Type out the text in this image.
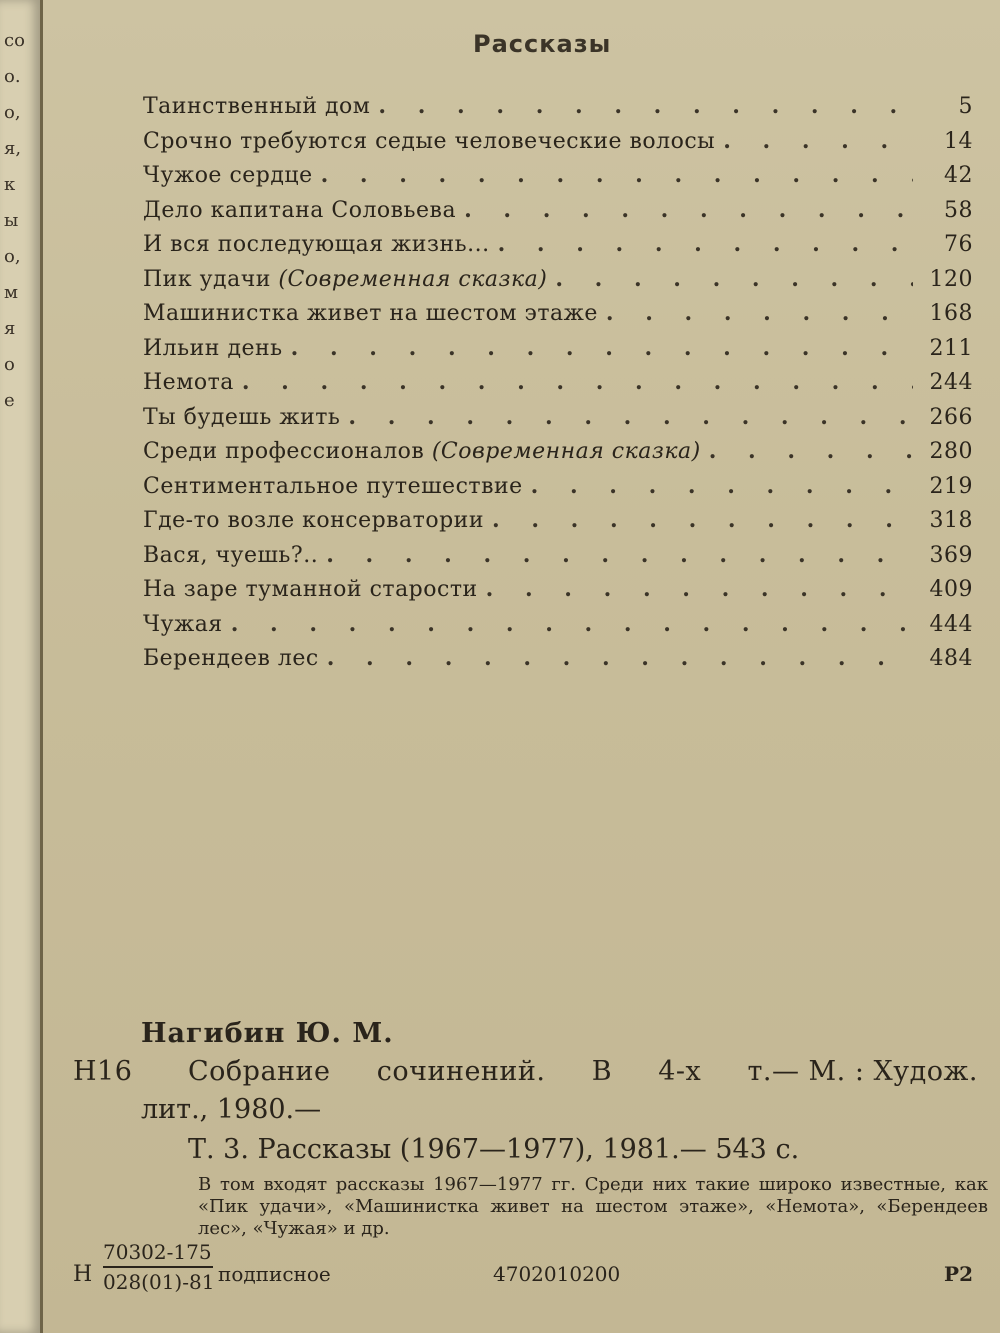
со
о.
о,
я,
к
ы
о,
м
я
о
е
Рассказы
Таинственный дом . . .	5
Срочно требуются седые человеческие волосы . . .	14
Чужое сердце . . .	42
Дело капитана Соловьева . . .	58
И вся последующая жизнь... . . .	76
Пик удачи (Современная сказка) . . .	120
Машинистка живет на шестом этаже . . .	168
Ильин день . . .	211
Немота . . .	244
Ты будешь жить . . .	266
Среди профессионалов (Современная сказка) . . .	280
Сентиментальное путешествие . . .	219
Где-то возле консерватории . . .	318
Вася, чуешь?.. . . .	369
На заре туманной старости . . .	409
Чужая . . .	444
Берендеев лес . . .	484
Нагибин Ю. М.
Н16 Собрание сочинений. В 4-х т.— М. : Худож.
лит., 1980.—
Т. 3. Рассказы (1967—1977), 1981.— 543 с.
В том входят рассказы 1967—1977 гг. Среди них такие широко известные, как «Пик удачи», «Машинистка живет на шестом этаже», «Немота», «Берендеев лес», «Чужая» и др.
Н $\frac{70302-175}{028(01)-81}$ подписное	4702010200	Р2
